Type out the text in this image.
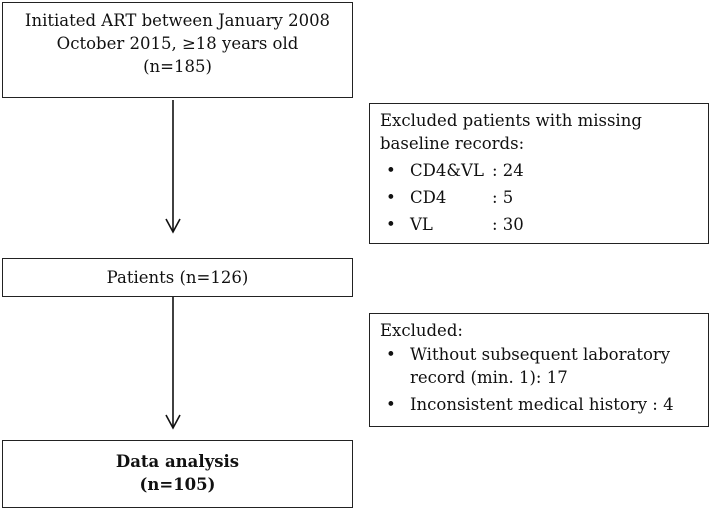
Initiated ART between January 2008
October 2015, ≥18 years old
(n=185)
Excluded patients with missing
baseline records:
• CD4&VL : 24
• CD4	: 5
• VL	: 30
Patients (n=126)
Excluded:
• Without subsequent laboratory
record (min. 1): 17
• Inconsistent medical history : 4
Data analysis
(n=105)
